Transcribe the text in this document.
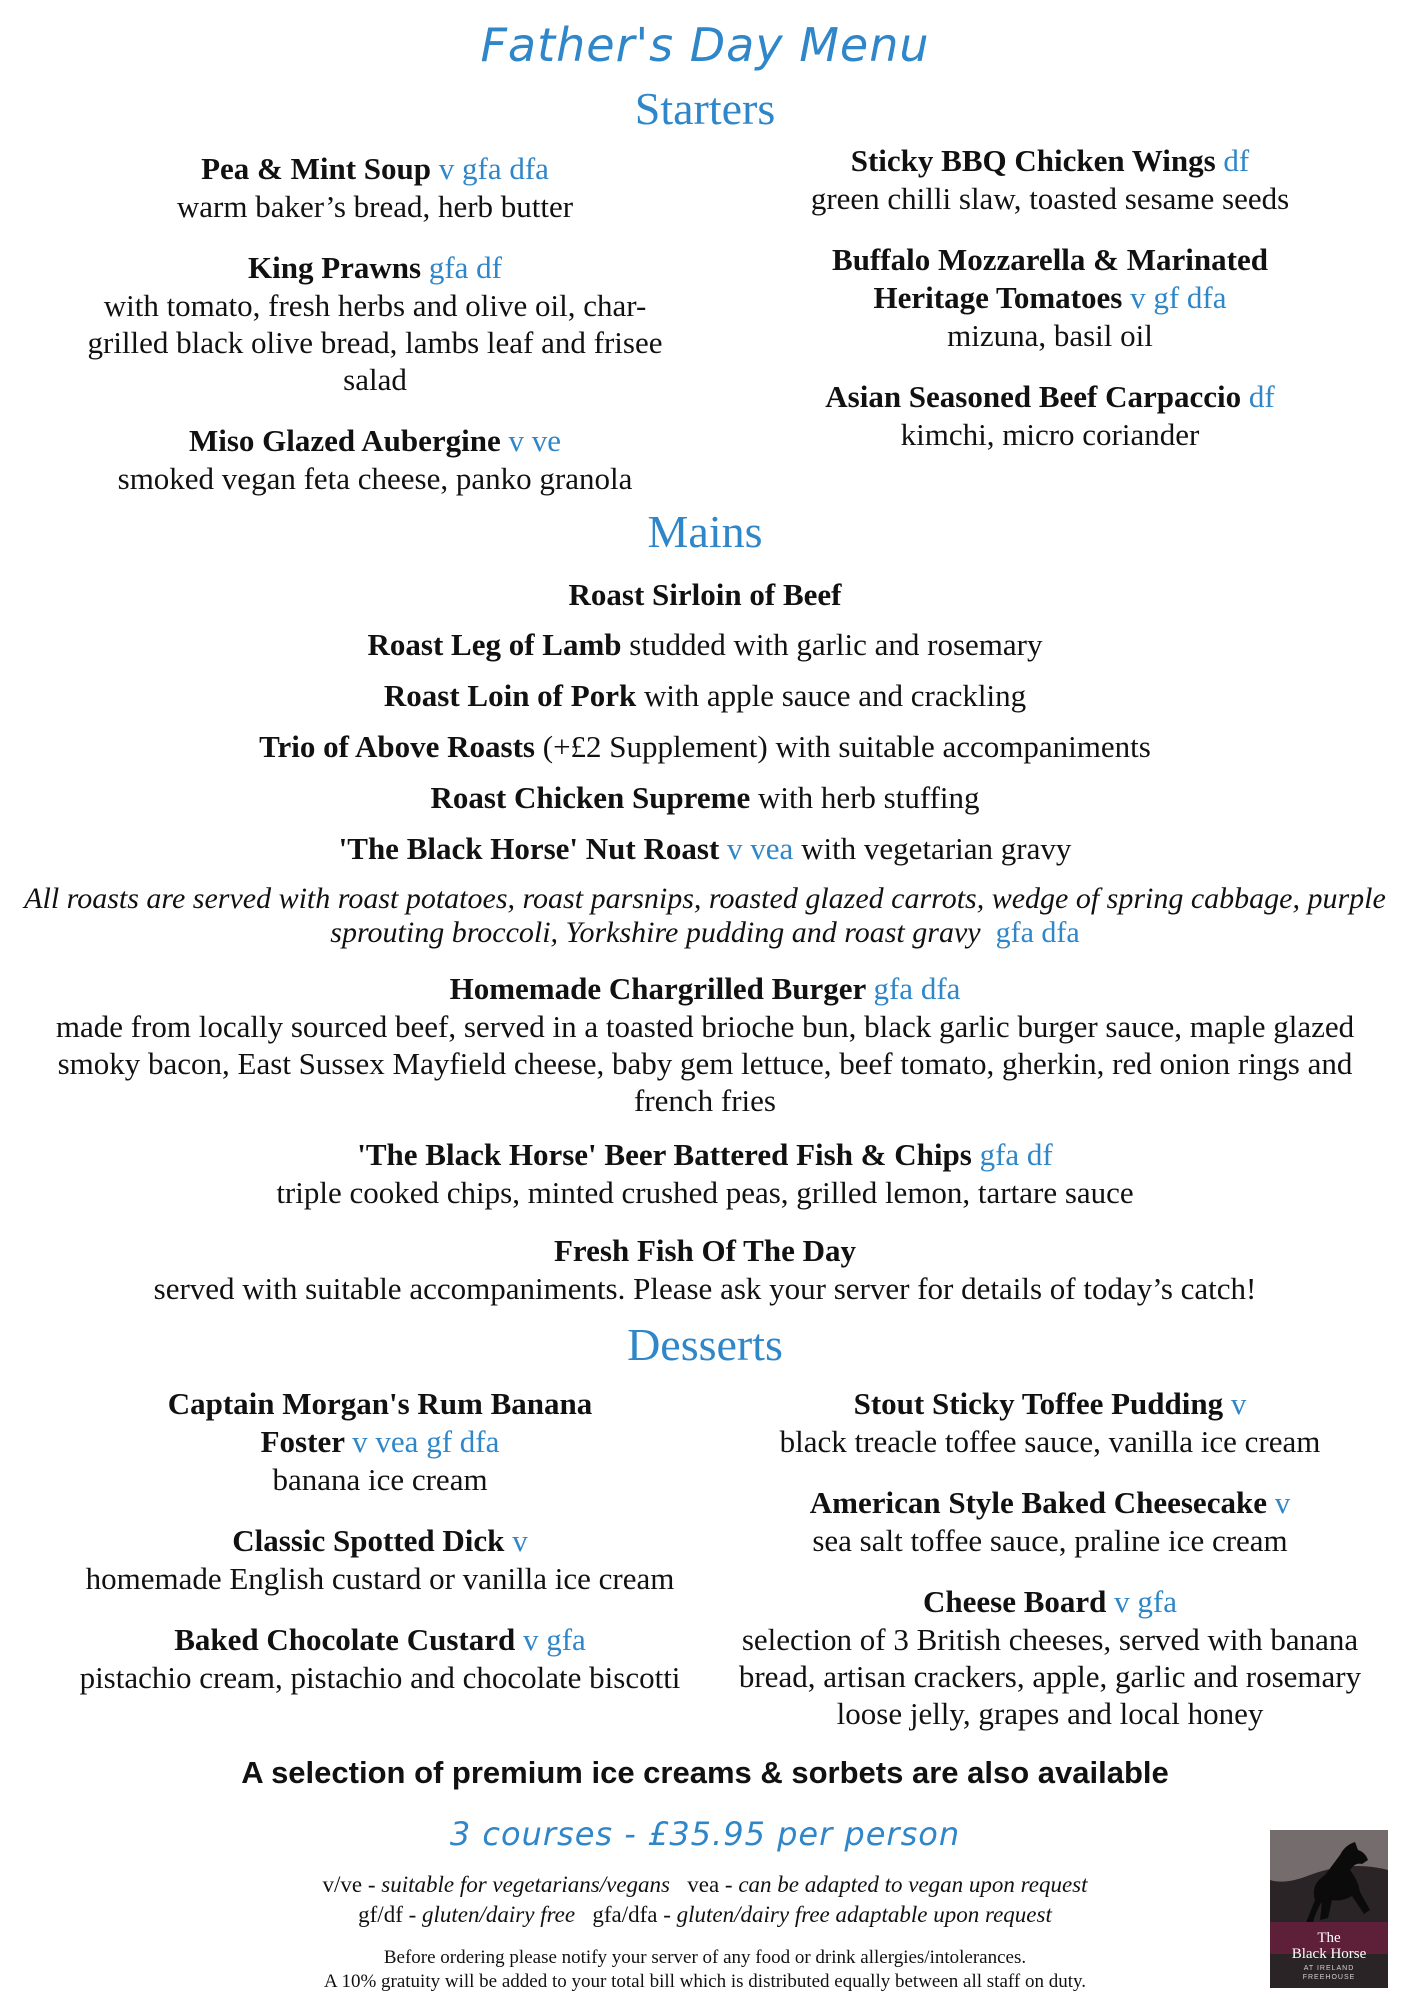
Father's Day Menu
Starters
Pea & Mint Soup v gfa dfa
warm baker’s bread, herb butter
King Prawns gfa df
with tomato, fresh herbs and olive oil, char-grilled black olive bread, lambs leaf and frisee salad
Miso Glazed Aubergine v ve
smoked vegan feta cheese, panko granola
Sticky BBQ Chicken Wings df
green chilli slaw, toasted sesame seeds
Buffalo Mozzarella & Marinated Heritage Tomatoes v gf dfa
mizuna, basil oil
Asian Seasoned Beef Carpaccio df
kimchi, micro coriander
Mains
Roast Sirloin of Beef
Roast Leg of Lamb studded with garlic and rosemary
Roast Loin of Pork with apple sauce and crackling
Trio of Above Roasts (+£2 Supplement) with suitable accompaniments
Roast Chicken Supreme with herb stuffing
'The Black Horse' Nut Roast v vea with vegetarian gravy
All roasts are served with roast potatoes, roast parsnips, roasted glazed carrots, wedge of spring cabbage, purple sprouting broccoli, Yorkshire pudding and roast gravy gfa dfa
Homemade Chargrilled Burger gfa dfa
made from locally sourced beef, served in a toasted brioche bun, black garlic burger sauce, maple glazed smoky bacon, East Sussex Mayfield cheese, baby gem lettuce, beef tomato, gherkin, red onion rings and french fries
'The Black Horse' Beer Battered Fish & Chips gfa df
triple cooked chips, minted crushed peas, grilled lemon, tartare sauce
Fresh Fish Of The Day
served with suitable accompaniments. Please ask your server for details of today’s catch!
Desserts
Captain Morgan's Rum Banana Foster v vea gf dfa
banana ice cream
Classic Spotted Dick v
homemade English custard or vanilla ice cream
Baked Chocolate Custard v gfa
pistachio cream, pistachio and chocolate biscotti
Stout Sticky Toffee Pudding v
black treacle toffee sauce, vanilla ice cream
American Style Baked Cheesecake v
sea salt toffee sauce, praline ice cream
Cheese Board v gfa
selection of 3 British cheeses, served with banana bread, artisan crackers, apple, garlic and rosemary loose jelly, grapes and local honey
A selection of premium ice creams & sorbets are also available
3 courses - £35.95 per person
v/ve - suitable for vegetarians/vegans vea - can be adapted to vegan upon request
gf/df - gluten/dairy free gfa/dfa - gluten/dairy free adaptable upon request
Before ordering please notify your server of any food or drink allergies/intolerances.
A 10% gratuity will be added to your total bill which is distributed equally between all staff on duty.
The
Black Horse
AT IRELAND
FREEHOUSE
